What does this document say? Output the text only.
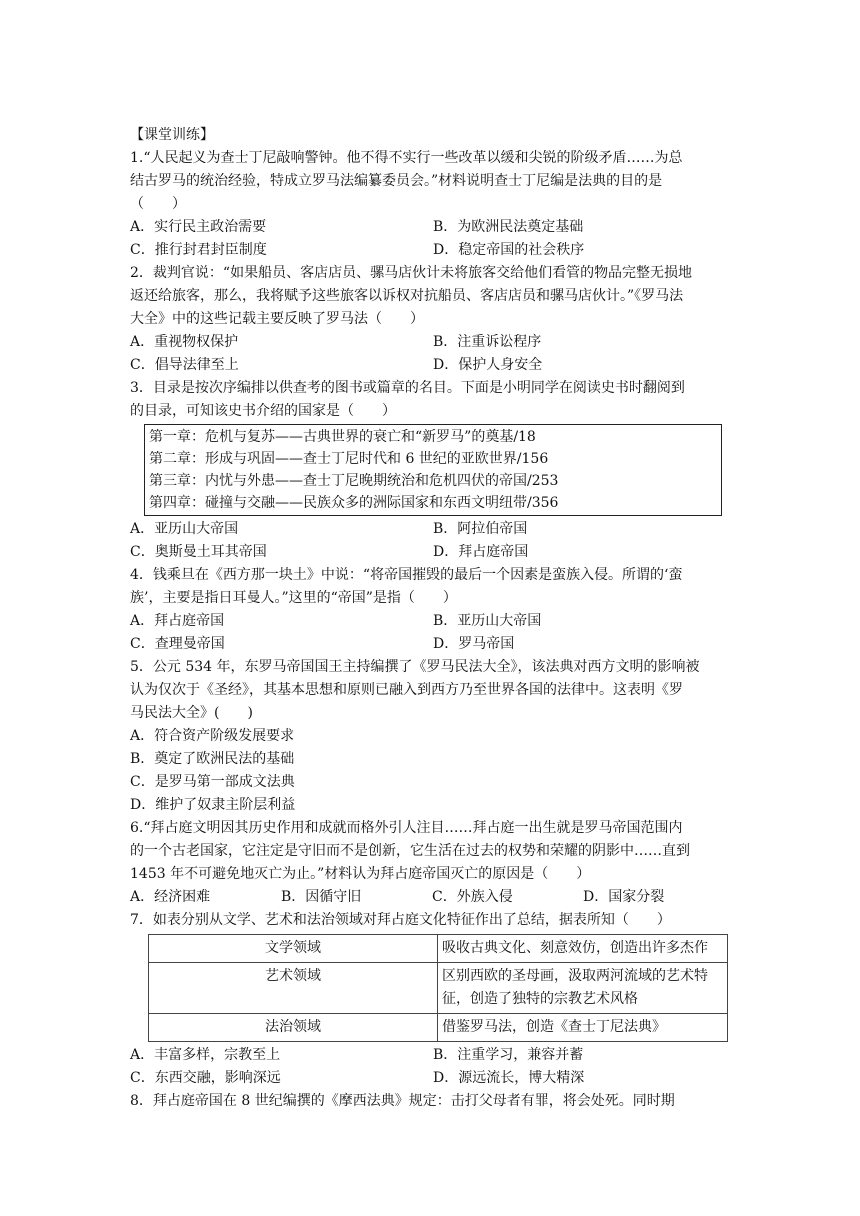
【课堂训练】
1.“人民起义为查士丁尼敲响警钟。他不得不实行一些改革以缓和尖锐的阶级矛盾……为总
结古罗马的统治经验，特成立罗马法编纂委员会。”材料说明查士丁尼编是法典的目的是
（　　）
A．实行民主政治需要	B．为欧洲民法奠定基础
C．推行封君封臣制度	D．稳定帝国的社会秩序
2．裁判官说：“如果船员、客店店员、骡马店伙计未将旅客交给他们看管的物品完整无损地
返还给旅客，那么，我将赋予这些旅客以诉权对抗船员、客店店员和骡马店伙计。”《罗马法
大全》中的这些记载主要反映了罗马法（　　）
A．重视物权保护	B．注重诉讼程序
C．倡导法律至上	D．保护人身安全
3．目录是按次序编排以供查考的图书或篇章的名目。下面是小明同学在阅读史书时翻阅到
的目录，可知该史书介绍的国家是（　　）
第一章：危机与复苏——古典世界的衰亡和“新罗马”的奠基/18
第二章：形成与巩固——查士丁尼时代和 6 世纪的亚欧世界/156
第三章：内忧与外患——查士丁尼晚期统治和危机四伏的帝国/253
第四章：碰撞与交融——民族众多的洲际国家和东西文明纽带/356
A．亚历山大帝国	B．阿拉伯帝国
C．奥斯曼土耳其帝国	D．拜占庭帝国
4．钱乘旦在《西方那一块土》中说：“将帝国摧毁的最后一个因素是蛮族入侵。所谓的‘蛮
族’，主要是指日耳曼人。”这里的“帝国”是指（　　）
A．拜占庭帝国	B．亚历山大帝国
C．查理曼帝国	D．罗马帝国
5．公元 534 年，东罗马帝国国王主持编撰了《罗马民法大全》，该法典对西方文明的影响被
认为仅次于《圣经》，其基本思想和原则已融入到西方乃至世界各国的法律中。这表明《罗
马民法大全》(　　)
A．符合资产阶级发展要求
B．奠定了欧洲民法的基础
C．是罗马第一部成文法典
D．维护了奴隶主阶层利益
6.“拜占庭文明因其历史作用和成就而格外引人注目……拜占庭一出生就是罗马帝国范围内
的一个古老国家，它注定是守旧而不是创新，它生活在过去的权势和荣耀的阴影中……直到
1453 年不可避免地灭亡为止。”材料认为拜占庭帝国灭亡的原因是（　　）
A．经济困难	B．因循守旧	C．外族入侵	D．国家分裂
7．如表分别从文学、艺术和法治领域对拜占庭文化特征作出了总结，据表所知（　　）
文学领域	吸收古典文化、刻意效仿，创造出许多杰作
艺术领域	区别西欧的圣母画，汲取两河流域的艺术特
征，创造了独特的宗教艺术风格

法治领域	借鉴罗马法，创造《查士丁尼法典》
A．丰富多样，宗教至上	B．注重学习，兼容并蓄
C．东西交融，影响深远	D．源远流长，博大精深
8．拜占庭帝国在 8 世纪编撰的《摩西法典》规定：击打父母者有罪，将会处死。同时期
